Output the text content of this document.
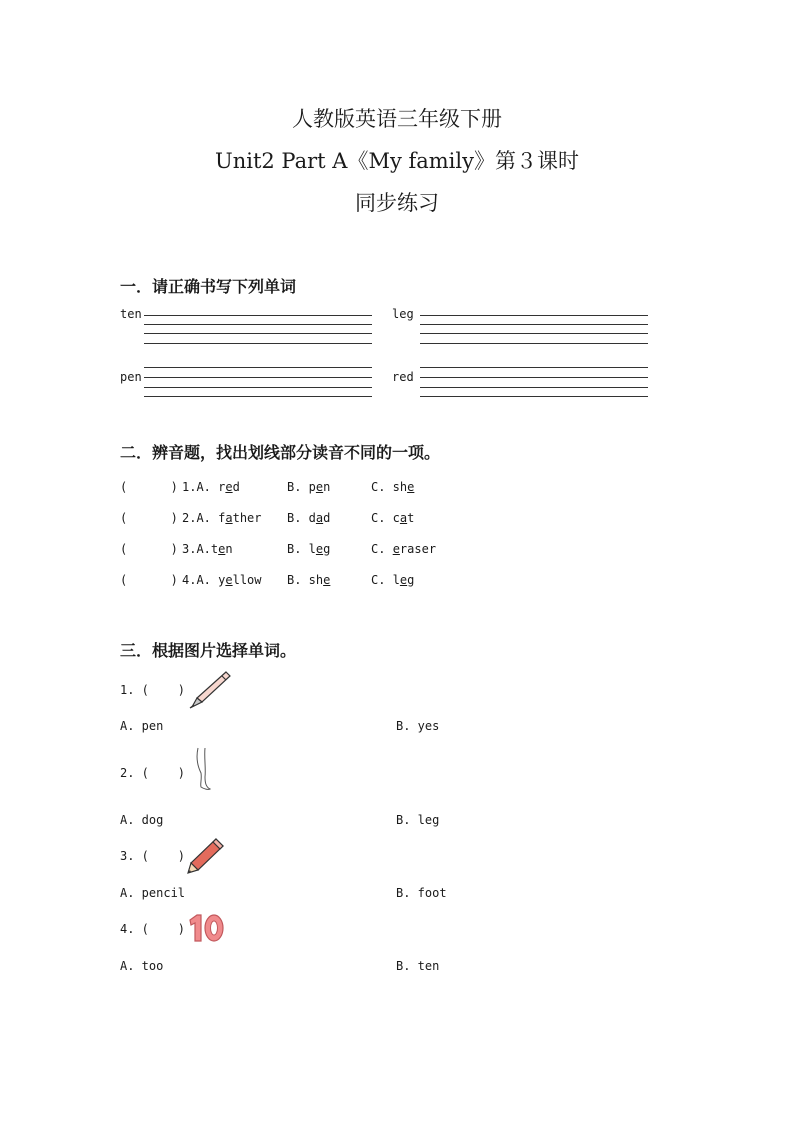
人教版英语三年级下册
Unit2 Part A《My family》第３课时
同步练习
一．请正确书写下列单词
ten	leg
pen	red
二．辨音题，找出划线部分读音不同的一项。
(      ) 1.A. red	B. pen	C. she
(      ) 2.A. father B. dad	C. cat
(      ) 3.A.ten	B. leg	C. eraser
(      ) 4.A. yellow B. she	C. leg
三．根据图片选择单词。
1. (    )
A. pen	B. yes
2. (    )
A. dog	B. leg
3. (    )
A. pencil	B. foot
4. (    )
A. too	B. ten
